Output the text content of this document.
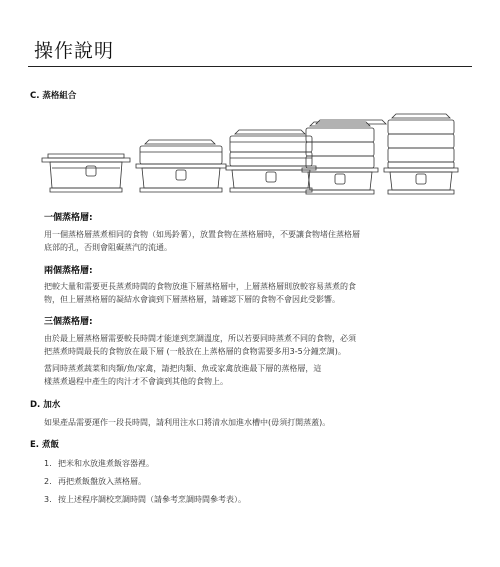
操作說明
C. 蒸格組合
一個蒸格層:
用一個蒸格層蒸煮相同的食物（如馬鈴薯），放置食物在蒸格層時，不要讓食物堵住蒸格層
底部的孔，否則會阻礙蒸汽的流通。
兩個蒸格層:
把較大量和需要更長蒸煮時間的食物放進下層蒸格層中，上層蒸格層則放較容易蒸煮的食
物，但上層蒸格層的凝結水會滴到下層蒸格層，請確認下層的食物不會因此受影響。
三個蒸格層:
由於最上層蒸格層需要較長時間才能達到烹調溫度，所以若要同時蒸煮不同的食物，必須
把蒸煮時間最長的食物放在最下層 (一般放在上蒸格層的食物需要多用3-5分鐘烹調)。
當同時蒸煮蔬菜和肉類/魚/家禽，請把肉類、魚或家禽放進最下層的蒸格層，這
樣蒸煮過程中產生的肉汁才不會滴到其他的食物上。
D. 加水
如果產品需要運作一段長時間，請利用注水口將清水加進水槽中(毋須打開蒸蓋)。
E. 煮飯
1. 把米和水放進煮飯容器裡。
2. 再把煮飯盤放入蒸格層。
3. 按上述程序調校烹調時間（請參考烹調時間參考表）。
